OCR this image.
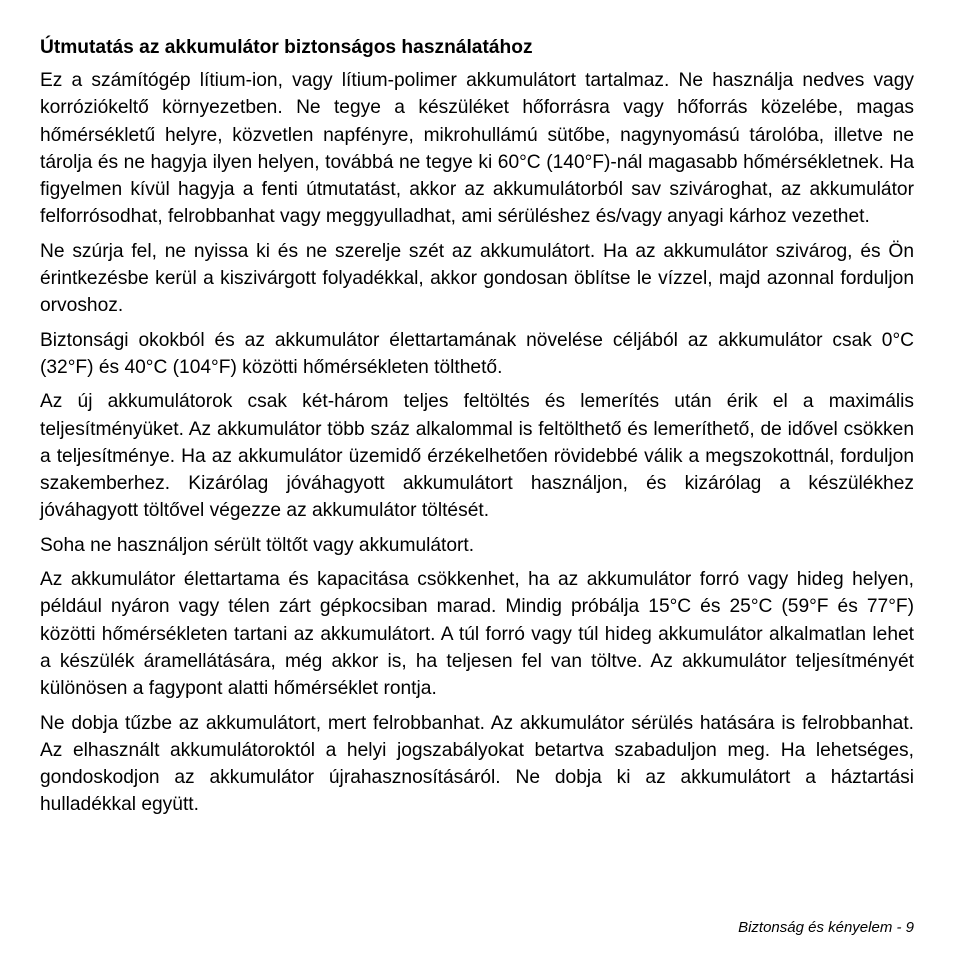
Útmutatás az akkumulátor biztonságos használatához

Ez a számítógép lítium-ion, vagy lítium-polimer akkumulátort tartalmaz. Ne használja nedves vagy korróziókeltő környezetben. Ne tegye a készüléket hőforrásra vagy hőforrás közelébe, magas hőmérsékletű helyre, közvetlen napfényre, mikrohullámú sütőbe, nagynyomású tárolóba, illetve ne tárolja és ne hagyja ilyen helyen, továbbá ne tegye ki 60°C (140°F)-nál magasabb hőmérsékletnek. Ha figyelmen kívül hagyja a fenti útmutatást, akkor az akkumulátorból sav szivároghat, az akkumulátor felforrósodhat, felrobbanhat vagy meggyulladhat, ami sérüléshez és/vagy anyagi kárhoz vezethet.

Ne szúrja fel, ne nyissa ki és ne szerelje szét az akkumulátort. Ha az akkumulátor szivárog, és Ön érintkezésbe kerül a kiszivárgott folyadékkal, akkor gondosan öblítse le vízzel, majd azonnal forduljon orvoshoz.

Biztonsági okokból és az akkumulátor élettartamának növelése céljából az akkumulátor csak 0°C (32°F) és 40°C (104°F) közötti hőmérsékleten tölthető.

Az új akkumulátorok csak két-három teljes feltöltés és lemerítés után érik el a maximális teljesítményüket. Az akkumulátor több száz alkalommal is feltölthető és lemeríthető, de idővel csökken a teljesítménye. Ha az akkumulátor üzemidő érzékelhetően rövidebbé válik a megszokottnál, forduljon szakemberhez. Kizárólag jóváhagyott akkumulátort használjon, és kizárólag a készülékhez jóváhagyott töltővel végezze az akkumulátor töltését.

Soha ne használjon sérült töltőt vagy akkumulátort.

Az akkumulátor élettartama és kapacitása csökkenhet, ha az akkumulátor forró vagy hideg helyen, például nyáron vagy télen zárt gépkocsiban marad. Mindig próbálja 15°C és 25°C (59°F és 77°F) közötti hőmérsékleten tartani az akkumulátort. A túl forró vagy túl hideg akkumulátor alkalmatlan lehet a készülék áramellátására, még akkor is, ha teljesen fel van töltve. Az akkumulátor teljesítményét különösen a fagypont alatti hőmérséklet rontja.

Ne dobja tűzbe az akkumulátort, mert felrobbanhat. Az akkumulátor sérülés hatására is felrobbanhat. Az elhasznált akkumulátoroktól a helyi jogszabályokat betartva szabaduljon meg. Ha lehetséges, gondoskodjon az akkumulátor újrahasznosításáról. Ne dobja ki az akkumulátort a háztartási hulladékkal együtt.

Biztonság és kényelem - 9
